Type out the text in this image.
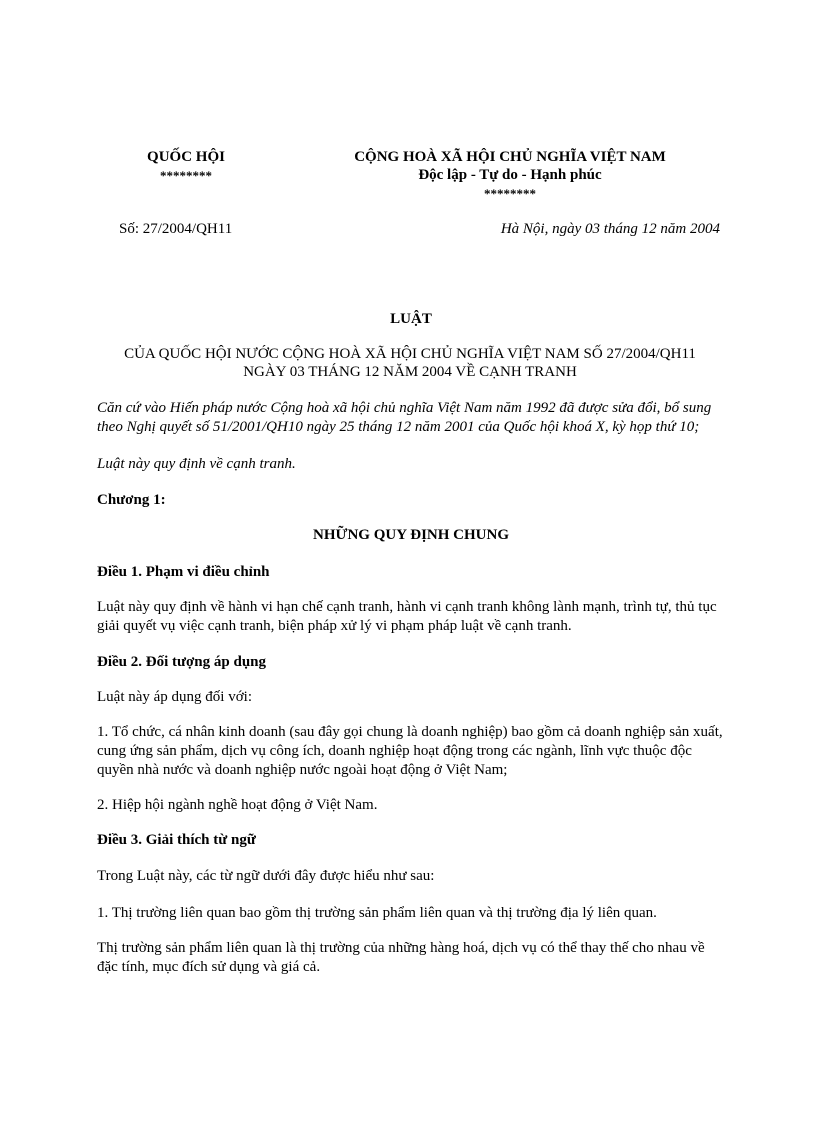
QUỐC HỘI
********
CỘNG HOÀ XÃ HỘI CHỦ NGHĨA VIỆT NAM
Độc lập - Tự do - Hạnh phúc
********
Số: 27/2004/QH11	Hà Nội, ngày 03 tháng 12 năm 2004
LUẬT
CỦA QUỐC HỘI NƯỚC CỘNG HOÀ XÃ HỘI CHỦ NGHĨA VIỆT NAM SỐ 27/2004/QH11
NGÀY 03 THÁNG 12 NĂM 2004 VỀ CẠNH TRANH

Căn cứ vào Hiến pháp nước Cộng hoà xã hội chủ nghĩa Việt Nam năm 1992 đã được sửa đổi, bổ sung theo Nghị quyết số 51/2001/QH10 ngày 25 tháng 12 năm 2001 của Quốc hội khoá X, kỳ họp thứ 10;

Luật này quy định về cạnh tranh.
Chương 1:
NHỮNG QUY ĐỊNH CHUNG
Điều 1. Phạm vi điều chỉnh
Luật này quy định về hành vi hạn chế cạnh tranh, hành vi cạnh tranh không lành mạnh, trình tự, thủ tục giải quyết vụ việc cạnh tranh, biện pháp xử lý vi phạm pháp luật về cạnh tranh.
Điều 2. Đối tượng áp dụng
Luật này áp dụng đối với:
1. Tổ chức, cá nhân kinh doanh (sau đây gọi chung là doanh nghiệp) bao gồm cả doanh nghiệp sản xuất, cung ứng sản phẩm, dịch vụ công ích, doanh nghiệp hoạt động trong các ngành, lĩnh vực thuộc độc quyền nhà nước và doanh nghiệp nước ngoài hoạt động ở Việt Nam;
2. Hiệp hội ngành nghề hoạt động ở Việt Nam.
Điều 3. Giải thích từ ngữ
Trong Luật này, các từ ngữ dưới đây được hiểu như sau:
1. Thị trường liên quan bao gồm thị trường sản phẩm liên quan và thị trường địa lý liên quan.
Thị trường sản phẩm liên quan là thị trường của những hàng hoá, dịch vụ có thể thay thế cho nhau về đặc tính, mục đích sử dụng và giá cả.
